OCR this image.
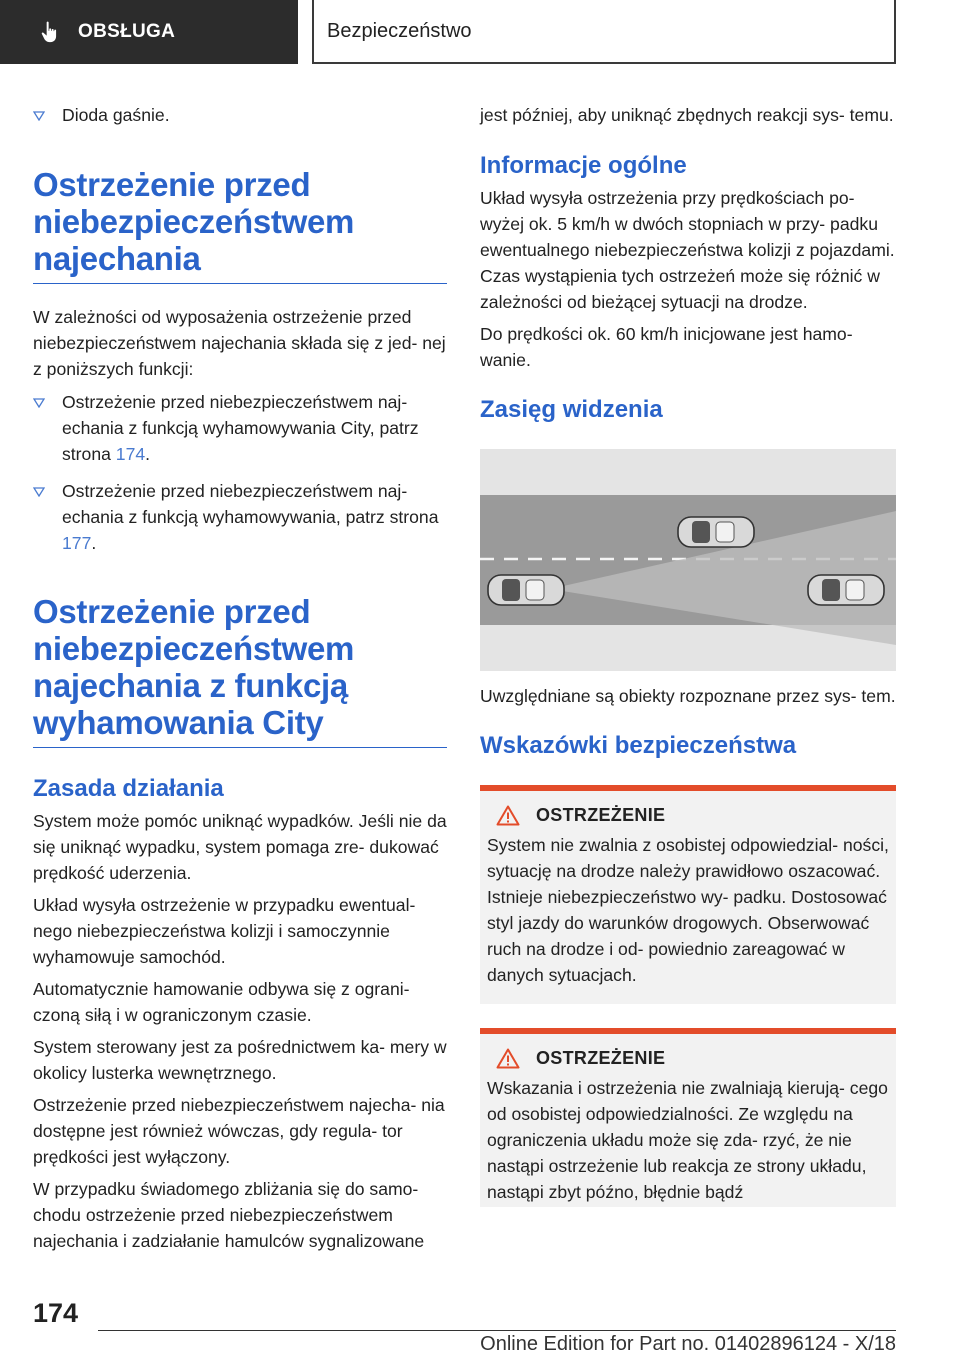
OBSŁUGA	Bezpieczeństwo
Dioda gaśnie.
Ostrzeżenie przed
niebezpieczeństwem
najechania

W zależności od wyposażenia ostrzeżenie przed niebezpieczeństwem najechania składa się z jed‐ nej z poniższych funkcji:

Ostrzeżenie przed niebezpieczeństwem naj‐ echania z funkcją wyhamowywania City, patrz strona 174.
Ostrzeżenie przed niebezpieczeństwem naj‐ echania z funkcją wyhamowywania, patrz strona 177.
Ostrzeżenie przed
niebezpieczeństwem
najechania z funkcją
wyhamowania City
Zasada działania

System może pomóc uniknąć wypadków. Jeśli nie da się uniknąć wypadku, system pomaga zre‐ dukować prędkość uderzenia.

Układ wysyła ostrzeżenie w przypadku ewentual‐ nego niebezpieczeństwa kolizji i samoczynnie wyhamowuje samochód.

Automatycznie hamowanie odbywa się z ograni‐ czoną siłą i w ograniczonym czasie.

System sterowany jest za pośrednictwem ka‐ mery w okolicy lusterka wewnętrznego.

Ostrzeżenie przed niebezpieczeństwem najecha‐ nia dostępne jest również wówczas, gdy regula‐ tor prędkości jest wyłączony.

W przypadku świadomego zbliżania się do samo‐ chodu ostrzeżenie przed niebezpieczeństwem najechania i zadziałanie hamulców sygnalizowane

jest później, aby uniknąć zbędnych reakcji sys‐ temu.

Informacje ogólne

Układ wysyła ostrzeżenia przy prędkościach po‐ wyżej ok. 5 km/h w dwóch stopniach w przy‐ padku ewentualnego niebezpieczeństwa kolizji z pojazdami. Czas wystąpienia tych ostrzeżeń może się różnić w zależności od bieżącej sytuacji na drodze.

Do prędkości ok. 60 km/h inicjowane jest hamo‐ wanie.

Zasięg widzenia

Uwzględniane są obiekty rozpoznane przez sys‐ tem.

Wskazówki bezpieczeństwa
OSTRZEŻENIE

System nie zwalnia z osobistej odpowiedzial‐ ności, sytuację na drodze należy prawidłowo oszacować. Istnieje niebezpieczeństwo wy‐ padku. Dostosować styl jazdy do warunków drogowych. Obserwować ruch na drodze i od‐ powiednio zareagować w danych sytuacjach.

OSTRZEŻENIE

Wskazania i ostrzeżenia nie zwalniają kierują‐ cego od osobistej odpowiedzialności. Ze względu na ograniczenia układu może się zda‐ rzyć, że nie nastąpi ostrzeżenie lub reakcja ze strony układu, nastąpi zbyt późno, błędnie bądź

174
Online Edition for Part no. 01402896124 - X/18
